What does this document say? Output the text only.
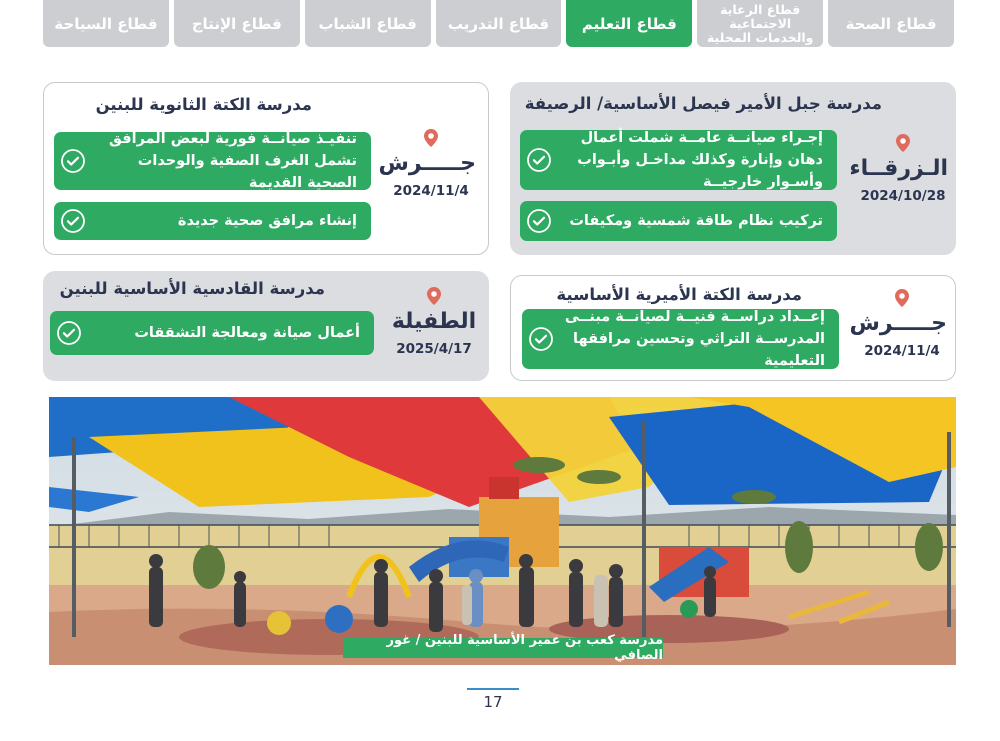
قطاع الصحة
قطاع الرعاية الاجتماعية والخدمات المحلية
قطاع التعليم
قطاع التدريب
قطاع الشباب
قطاع الإنتاج
قطاع السياحة
مدرسة جبل الأمير فيصل الأساسية/ الرصيفة
الـزرقــاء
2024/10/28
إجـراء صيانــة عامــة شملت أعمال دهان وإنارة وكذلك مداخـل وأبـواب وأسـوار خارجيــة
تركيب نظام طاقة شمسية ومكيفات
مدرسة الكتة الثانوية للبنين
جـــــرش
2024/11/4
تنفيـذ صيانــة فورية لبعض المرافق تشمل الغرف الصفية والوحدات الصحية القديمة
إنشاء مرافق صحية جديدة
مدرسة الكتة الأميرية الأساسية
جـــــرش
2024/11/4
إعــداد دراســة فنيــة لصيانــة مبنــى المدرســة التراثي وتحسين مرافقها التعليمية
مدرسة القادسية الأساسية للبنين
الطفيلة
2025/4/17
أعمال صيانة ومعالجة التشققات
مدرسة كعب بن عمير الأساسية للبنين / غور الصافي
17
